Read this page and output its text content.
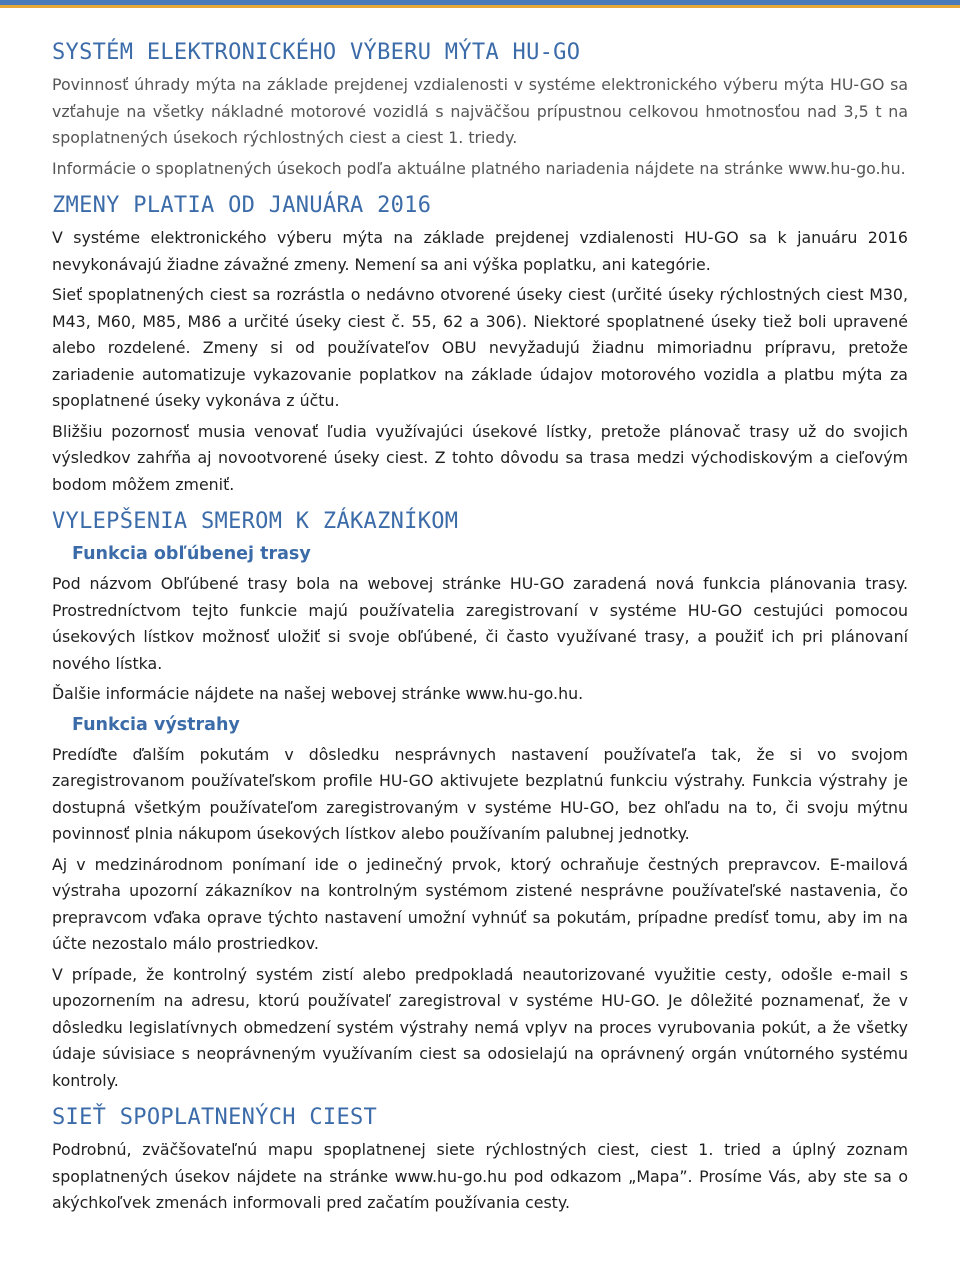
SYSTÉM ELEKTRONICKÉHO VÝBERU MÝTA HU-GO

Povinnosť úhrady mýta na základe prejdenej vzdialenosti v systéme elektronického výberu mýta HU-GO sa vzťahuje na všetky nákladné motorové vozidlá s najväčšou prípustnou celkovou hmotnosťou nad 3,5 t na spoplatnených úsekoch rýchlostných ciest a ciest 1. triedy.

Informácie o spoplatnených úsekoch podľa aktuálne platného nariadenia nájdete na stránke www.hu-go.hu.

ZMENY PLATIA OD JANUÁRA 2016

V systéme elektronického výberu mýta na základe prejdenej vzdialenosti HU-GO sa k januáru 2016 nevykonávajú žiadne závažné zmeny. Nemení sa ani výška poplatku, ani kategórie.

Sieť spoplatnených ciest sa rozrástla o nedávno otvorené úseky ciest (určité úseky rýchlostných ciest M30, M43, M60, M85, M86 a určité úseky ciest č. 55, 62 a 306). Niektoré spoplatnené úseky tiež boli upravené alebo rozdelené. Zmeny si od používateľov OBU nevyžadujú žiadnu mimoriadnu prípravu, pretože zariadenie automatizuje vykazovanie poplatkov na základe údajov motorového vozidla a platbu mýta za spoplatnené úseky vykonáva z účtu.

Bližšiu pozornosť musia venovať ľudia využívajúci úsekové lístky, pretože plánovač trasy už do svojich výsledkov zahŕňa aj novootvorené úseky ciest. Z tohto dôvodu sa trasa medzi východiskovým a cieľovým bodom môžem zmeniť.

VYLEPŠENIA SMEROM K ZÁKAZNÍKOM
Funkcia obľúbenej trasy

Pod názvom Obľúbené trasy bola na webovej stránke HU-GO zaradená nová funkcia plánovania trasy. Prostredníctvom tejto funkcie majú používatelia zaregistrovaní v systéme HU-GO cestujúci pomocou úsekových lístkov možnosť uložiť si svoje obľúbené, či často využívané trasy, a použiť ich pri plánovaní nového lístka.

Ďalšie informácie nájdete na našej webovej stránke www.hu-go.hu.

Funkcia výstrahy

Predíďte ďalším pokutám v dôsledku nesprávnych nastavení používateľa tak, že si vo svojom zaregistrovanom používateľskom profile HU-GO aktivujete bezplatnú funkciu výstrahy. Funkcia výstrahy je dostupná všetkým používateľom zaregistrovaným v systéme HU-GO, bez ohľadu na to, či svoju mýtnu povinnosť plnia nákupom úsekových lístkov alebo používaním palubnej jednotky.

Aj v medzinárodnom ponímaní ide o jedinečný prvok, ktorý ochraňuje čestných prepravcov. E-mailová výstraha upozorní zákazníkov na kontrolným systémom zistené nesprávne používateľské nastavenia, čo prepravcom vďaka oprave týchto nastavení umožní vyhnúť sa pokutám, prípadne predísť tomu, aby im na účte nezostalo málo prostriedkov.

V prípade, že kontrolný systém zistí alebo predpokladá neautorizované využitie cesty, odošle e-mail s upozornením na adresu, ktorú používateľ zaregistroval v systéme HU-GO. Je dôležité poznamenať, že v dôsledku legislatívnych obmedzení systém výstrahy nemá vplyv na proces vyrubovania pokút, a že všetky údaje súvisiace s neoprávneným využívaním ciest sa odosielajú na oprávnený orgán vnútorného systému kontroly.

SIEŤ SPOPLATNENÝCH CIEST

Podrobnú, zväčšovateľnú mapu spoplatnenej siete rýchlostných ciest, ciest 1. tried a úplný zoznam spoplatnených úsekov nájdete na stránke www.hu-go.hu pod odkazom „Mapa”. Prosíme Vás, aby ste sa o akýchkoľvek zmenách informovali pred začatím používania cesty.
